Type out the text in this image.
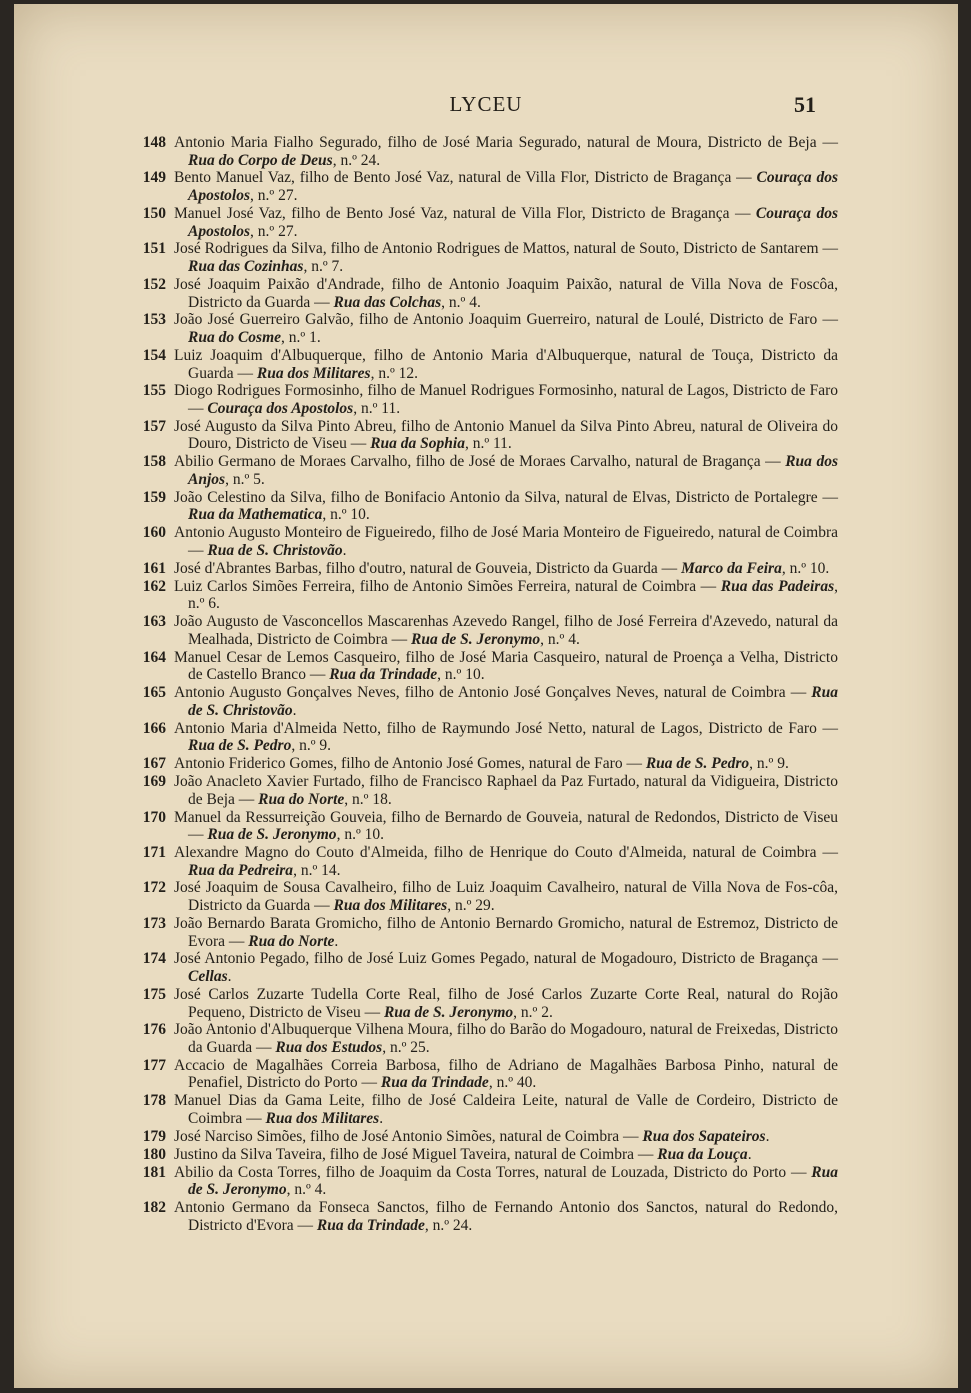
LYCEU	51
148 Antonio Maria Fialho Segurado, filho de José Maria Segurado, natural de Moura, Districto de Beja — Rua do Corpo de Deus, n.º 24.
149 Bento Manuel Vaz, filho de Bento José Vaz, natural de Villa Flor, Districto de Bragança — Couraça dos Apostolos, n.º 27.
150 Manuel José Vaz, filho de Bento José Vaz, natural de Villa Flor, Districto de Bragança — Couraça dos Apostolos, n.º 27.
151 José Rodrigues da Silva, filho de Antonio Rodrigues de Mattos, natural de Souto, Districto de Santarem — Rua das Cozinhas, n.º 7.
152 José Joaquim Paixão d'Andrade, filho de Antonio Joaquim Paixão, natural de Villa Nova de Foscôa, Districto da Guarda — Rua das Colchas, n.º 4.
153 João José Guerreiro Galvão, filho de Antonio Joaquim Guerreiro, natural de Loulé, Districto de Faro — Rua do Cosme, n.º 1.
154 Luiz Joaquim d'Albuquerque, filho de Antonio Maria d'Albuquerque, natural de Touça, Districto da Guarda — Rua dos Militares, n.º 12.
155 Diogo Rodrigues Formosinho, filho de Manuel Rodrigues Formosinho, natural de Lagos, Districto de Faro — Couraça dos Apostolos, n.º 11.
157 José Augusto da Silva Pinto Abreu, filho de Antonio Manuel da Silva Pinto Abreu, natural de Oliveira do Douro, Districto de Viseu — Rua da Sophia, n.º 11.
158 Abilio Germano de Moraes Carvalho, filho de José de Moraes Carvalho, natural de Bragança — Rua dos Anjos, n.º 5.
159 João Celestino da Silva, filho de Bonifacio Antonio da Silva, natural de Elvas, Districto de Portalegre — Rua da Mathematica, n.º 10.
160 Antonio Augusto Monteiro de Figueiredo, filho de José Maria Monteiro de Figueiredo, natural de Coimbra — Rua de S. Christovão.
161 José d'Abrantes Barbas, filho d'outro, natural de Gouveia, Districto da Guarda — Marco da Feira, n.º 10.
162 Luiz Carlos Simões Ferreira, filho de Antonio Simões Ferreira, natural de Coimbra — Rua das Padeiras, n.º 6.
163 João Augusto de Vasconcellos Mascarenhas Azevedo Rangel, filho de José Ferreira d'Azevedo, natural da Mealhada, Districto de Coimbra — Rua de S. Jeronymo, n.º 4.
164 Manuel Cesar de Lemos Casqueiro, filho de José Maria Casqueiro, natural de Proença a Velha, Districto de Castello Branco — Rua da Trindade, n.º 10.
165 Antonio Augusto Gonçalves Neves, filho de Antonio José Gonçalves Neves, natural de Coimbra — Rua de S. Christovão.
166 Antonio Maria d'Almeida Netto, filho de Raymundo José Netto, natural de Lagos, Districto de Faro — Rua de S. Pedro, n.º 9.
167 Antonio Friderico Gomes, filho de Antonio José Gomes, natural de Faro — Rua de S. Pedro, n.º 9.
169 João Anacleto Xavier Furtado, filho de Francisco Raphael da Paz Furtado, natural da Vidigueira, Districto de Beja — Rua do Norte, n.º 18.
170 Manuel da Ressurreição Gouveia, filho de Bernardo de Gouveia, natural de Redondos, Districto de Viseu — Rua de S. Jeronymo, n.º 10.
171 Alexandre Magno do Couto d'Almeida, filho de Henrique do Couto d'Almeida, natural de Coimbra — Rua da Pedreira, n.º 14.
172 José Joaquim de Sousa Cavalheiro, filho de Luiz Joaquim Cavalheiro, natural de Villa Nova de Fos-côa, Districto da Guarda — Rua dos Militares, n.º 29.
173 João Bernardo Barata Gromicho, filho de Antonio Bernardo Gromicho, natural de Estremoz, Districto de Evora — Rua do Norte.
174 José Antonio Pegado, filho de José Luiz Gomes Pegado, natural de Mogadouro, Districto de Bragança — Cellas.
175 José Carlos Zuzarte Tudella Corte Real, filho de José Carlos Zuzarte Corte Real, natural do Rojão Pequeno, Districto de Viseu — Rua de S. Jeronymo, n.º 2.
176 João Antonio d'Albuquerque Vilhena Moura, filho do Barão do Mogadouro, natural de Freixedas, Districto da Guarda — Rua dos Estudos, n.º 25.
177 Accacio de Magalhães Correia Barbosa, filho de Adriano de Magalhães Barbosa Pinho, natural de Penafiel, Districto do Porto — Rua da Trindade, n.º 40.
178 Manuel Dias da Gama Leite, filho de José Caldeira Leite, natural de Valle de Cordeiro, Districto de Coimbra — Rua dos Militares.
179 José Narciso Simões, filho de José Antonio Simões, natural de Coimbra — Rua dos Sapateiros.
180 Justino da Silva Taveira, filho de José Miguel Taveira, natural de Coimbra — Rua da Louça.
181 Abilio da Costa Torres, filho de Joaquim da Costa Torres, natural de Louzada, Districto do Porto — Rua de S. Jeronymo, n.º 4.
182 Antonio Germano da Fonseca Sanctos, filho de Fernando Antonio dos Sanctos, natural do Redondo, Districto d'Evora — Rua da Trindade, n.º 24.
